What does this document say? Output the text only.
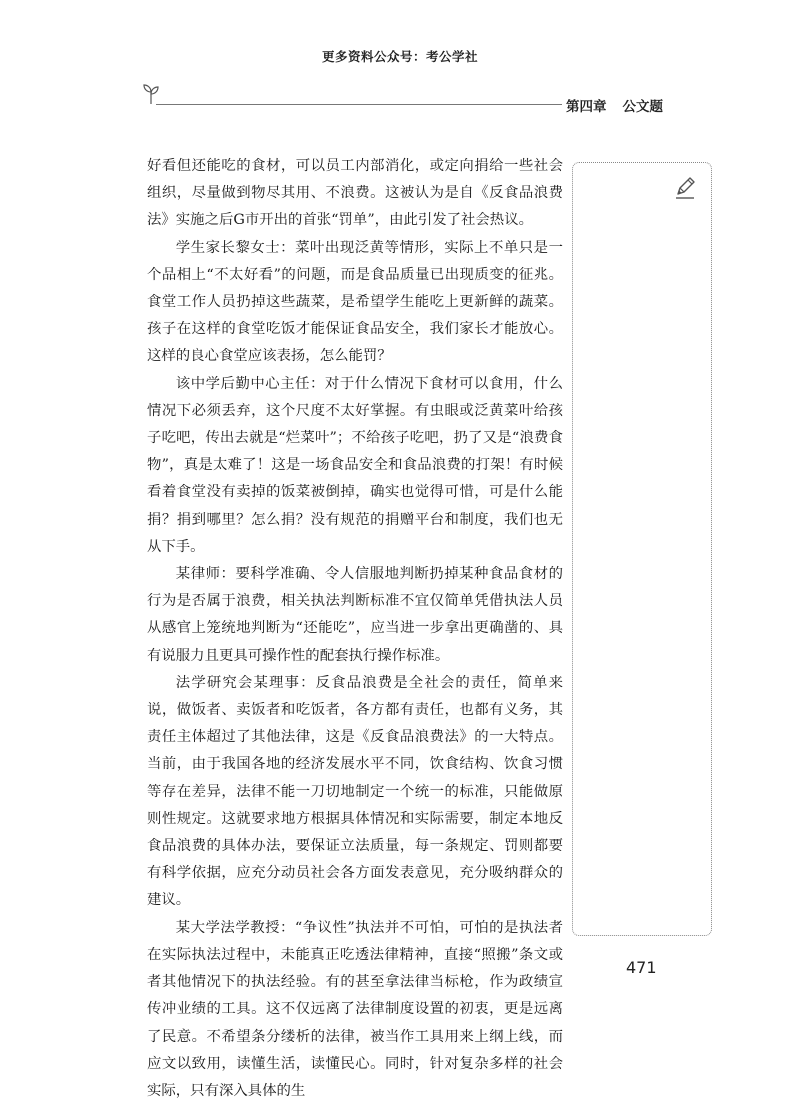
更多资料公众号：考公学社
第四章 公文题

好看但还能吃的食材，可以员工内部消化，或定向捐给一些社会组织，尽量做到物尽其用、不浪费。这被认为是自《反食品浪费法》实施之后G市开出的首张“罚单”，由此引发了社会热议。

学生家长黎女士：菜叶出现泛黄等情形，实际上不单只是一个品相上“不太好看”的问题，而是食品质量已出现质变的征兆。食堂工作人员扔掉这些蔬菜，是希望学生能吃上更新鲜的蔬菜。孩子在这样的食堂吃饭才能保证食品安全，我们家长才能放心。这样的良心食堂应该表扬，怎么能罚？

该中学后勤中心主任：对于什么情况下食材可以食用，什么情况下必须丢弃，这个尺度不太好掌握。有虫眼或泛黄菜叶给孩子吃吧，传出去就是“烂菜叶”；不给孩子吃吧，扔了又是“浪费食物”，真是太难了！这是一场食品安全和食品浪费的打架！有时候看着食堂没有卖掉的饭菜被倒掉，确实也觉得可惜，可是什么能捐？捐到哪里？怎么捐？没有规范的捐赠平台和制度，我们也无从下手。

某律师：要科学准确、令人信服地判断扔掉某种食品食材的行为是否属于浪费，相关执法判断标准不宜仅简单凭借执法人员从感官上笼统地判断为“还能吃”，应当进一步拿出更确凿的、具有说服力且更具可操作性的配套执行操作标准。

法学研究会某理事：反食品浪费是全社会的责任，简单来说，做饭者、卖饭者和吃饭者，各方都有责任，也都有义务，其责任主体超过了其他法律，这是《反食品浪费法》的一大特点。当前，由于我国各地的经济发展水平不同，饮食结构、饮食习惯等存在差异，法律不能一刀切地制定一个统一的标准，只能做原则性规定。这就要求地方根据具体情况和实际需要，制定本地反食品浪费的具体办法，要保证立法质量，每一条规定、罚则都要有科学依据，应充分动员社会各方面发表意见，充分吸纳群众的建议。

某大学法学教授：“争议性”执法并不可怕，可怕的是执法者在实际执法过程中，未能真正吃透法律精神，直接“照搬”条文或者其他情况下的执法经验。有的甚至拿法律当标枪，作为政绩宣传冲业绩的工具。这不仅远离了法律制度设置的初衷，更是远离了民意。不希望条分缕析的法律，被当作工具用来上纲上线，而应文以致用，读懂生活，读懂民心。同时，针对复杂多样的社会实际，只有深入具体的生

471
